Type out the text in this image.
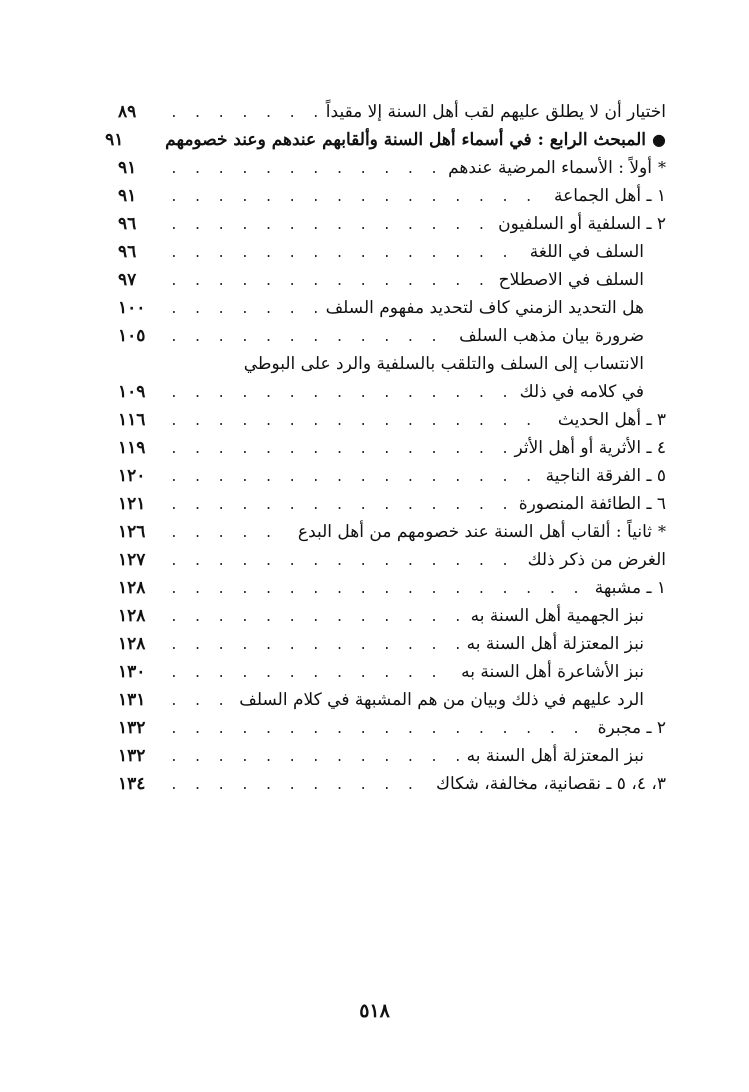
اختيار أن لا يطلق عليهم لقب أهل السنة إلا مقيداً
. . .
٨٩
●المبحث الرابع : في أسماء أهل السنة وألقابهم عندهم وعند خصومهم
٩١
*أولاً : الأسماء المرضية عندهم
. . .
٩١
١ ـ أهل الجماعة
. . .
٩١
٢ ـ السلفية أو السلفيون
. . .
٩٦
السلف في اللغة
. . .
٩٦
السلف في الاصطلاح
. . .
٩٧
هل التحديد الزمني كاف لتحديد مفهوم السلف
. . .
١٠٠
ضرورة بيان مذهب السلف
. . .
١٠٥
الانتساب إلى السلف والتلقب بالسلفية والرد على البوطي
في كلامه في ذلك
. . .
١٠٩
٣ ـ أهل الحديث
. . .
١١٦
٤ ـ الأثرية أو أهل الأثر
. . .
١١٩
٥ ـ الفرقة الناجية
. . .
١٢٠
٦ ـ الطائفة المنصورة
. . .
١٢١
*ثانياً : ألقاب أهل السنة عند خصومهم من أهل البدع
. . .
١٢٦
الغرض من ذكر ذلك
. . .
١٢٧
١ ـ مشبهة
. . .
١٢٨
نبز الجهمية أهل السنة به
. . .
١٢٨
نبز المعتزلة أهل السنة به
. . .
١٢٨
نبز الأشاعرة أهل السنة به
. . .
١٣٠
الرد عليهم في ذلك وبيان من هم المشبهة في كلام السلف
. . .
١٣١
٢ ـ مجبرة
. . .
١٣٢
نبز المعتزلة أهل السنة به
. . .
١٣٢
٣، ٤، ٥ ـ نقصانية، مخالفة، شكاك
. . .
١٣٤
٥١٨
